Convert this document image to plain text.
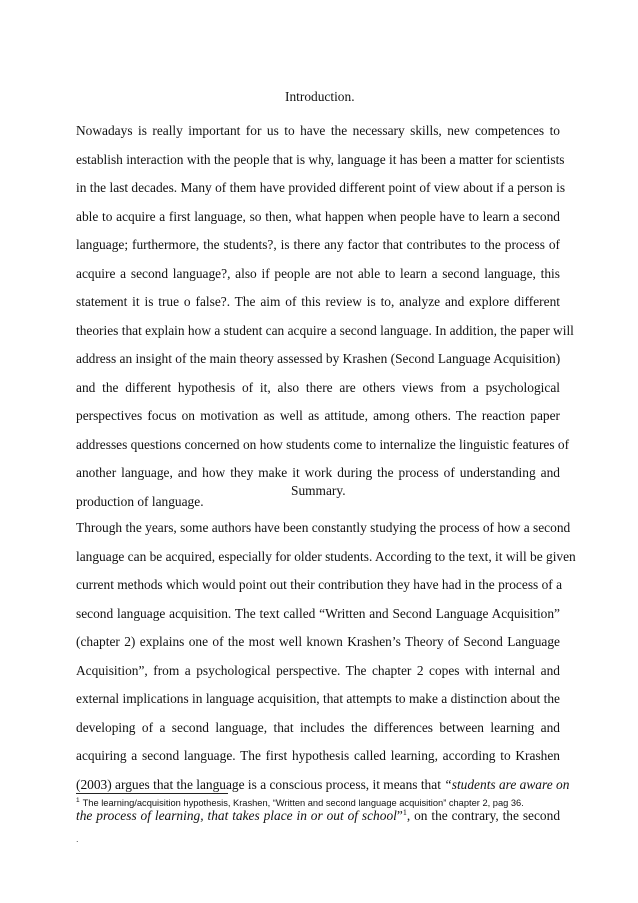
Introduction.
Nowadays is really important for us to have the necessary skills, new competences to
establish interaction with the people that is why, language it has been a matter for scientists
in the last decades. Many of them have provided different point of view about if a person is
able to acquire a first language, so then, what happen when people have to learn a second
language; furthermore, the students?, is there any factor that contributes to the process of
acquire a second language?, also if people are not able to learn a second language, this
statement it is true o false?. The aim of this review is to, analyze and explore different
theories that explain how a student can acquire a second language. In addition, the paper will
address an insight of the main theory assessed by Krashen (Second Language Acquisition)
and the different hypothesis of it, also there are others views from a psychological
perspectives focus on motivation as well as attitude, among others. The reaction paper
addresses questions concerned on how students come to internalize the linguistic features of
another language, and how they make it work during the process of understanding and
production of language.
Summary.
Through the years, some authors have been constantly studying the process of how a second
language can be acquired, especially for older students. According to the text, it will be given
current methods which would point out their contribution they have had in the process of a
second language acquisition. The text called “Written and Second Language Acquisition”
(chapter 2) explains one of the most well known Krashen’s Theory of Second Language
Acquisition”, from a psychological perspective. The chapter 2 copes with internal and
external implications in language acquisition, that attempts to make a distinction about the
developing of a second language, that includes the differences between learning and
acquiring a second language. The first hypothesis called learning, according to Krashen
(2003) argues that the language is a conscious process, it means that “students are aware on
the process of learning, that takes place in or out of school”$^1$, on the contrary, the second
$^1$ The learning/acquisition hypothesis, Krashen, “Written and second language acquisition” chapter 2, pag 36.
.
